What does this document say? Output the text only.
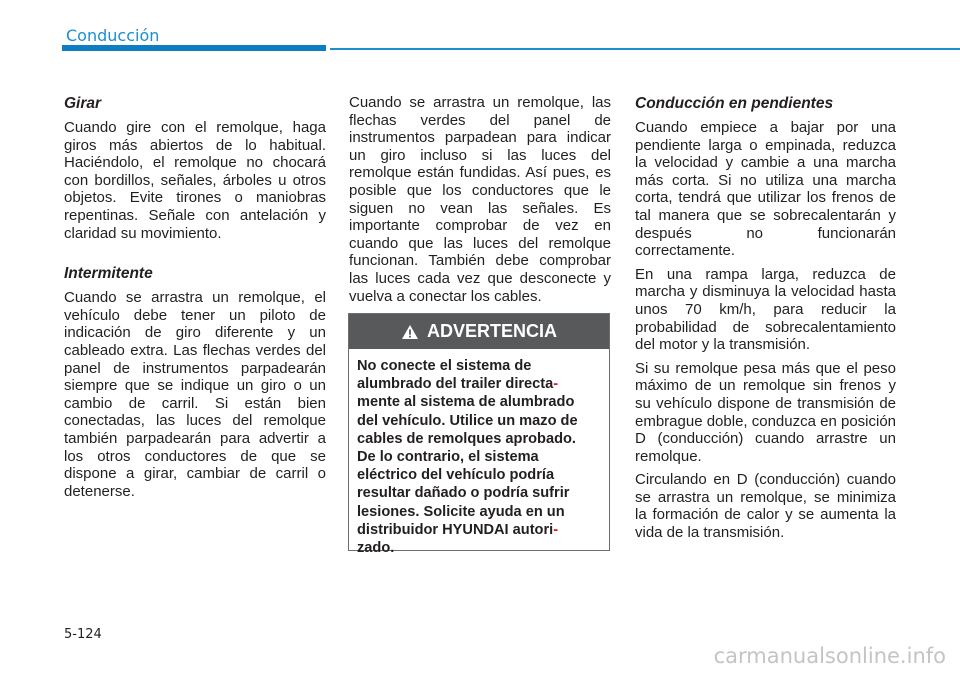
Conducción
Girar

Cuando gire con el remolque, haga giros más abiertos de lo habitual. Haciéndolo, el remolque no chocará con bordillos, señales, árboles u otros objetos. Evite tirones o maniobras repentinas. Señale con antelación y claridad su movimiento.

Intermitente

Cuando se arrastra un remolque, el vehículo debe tener un piloto de indicación de giro diferente y un cableado extra. Las flechas verdes del panel de instrumentos parpadearán siempre que se indique un giro o un cambio de carril. Si están bien conectadas, las luces del remolque también parpadearán para advertir a los otros conductores de que se dispone a girar, cambiar de carril o detenerse.

Cuando se arrastra un remolque, las flechas verdes del panel de instrumentos parpadean para indicar un giro incluso si las luces del remolque están fundidas. Así pues, es posible que los conductores que le siguen no vean las señales. Es importante comprobar de vez en cuando que las luces del remolque funcionan. También debe comprobar las luces cada vez que desconecte y vuelva a conectar los cables.

ADVERTENCIA
No conecte el sistema de
alumbrado del trailer directa-
mente al sistema de alumbrado
del vehículo. Utilice un mazo de
cables de remolques aprobado.
De lo contrario, el sistema
eléctrico del vehículo podría
resultar dañado o podría sufrir
lesiones. Solicite ayuda en un
distribuidor HYUNDAI autori-
zado.
Conducción en pendientes

Cuando empiece a bajar por una pendiente larga o empinada, reduzca la velocidad y cambie a una marcha más corta. Si no utiliza una marcha corta, tendrá que utilizar los frenos de tal manera que se sobrecalentarán y después no funcionarán correctamente.

En una rampa larga, reduzca de marcha y disminuya la velocidad hasta unos 70 km/h, para reducir la probabilidad de sobrecalentamiento del motor y la transmisión.

Si su remolque pesa más que el peso máximo de un remolque sin frenos y su vehículo dispone de transmisión de embrague doble, conduzca en posición D (conducción) cuando arrastre un remolque.

Circulando en D (conducción) cuando se arrastra un remolque, se minimiza la formación de calor y se aumenta la vida de la transmisión.

5-124
carmanualsonline.info
